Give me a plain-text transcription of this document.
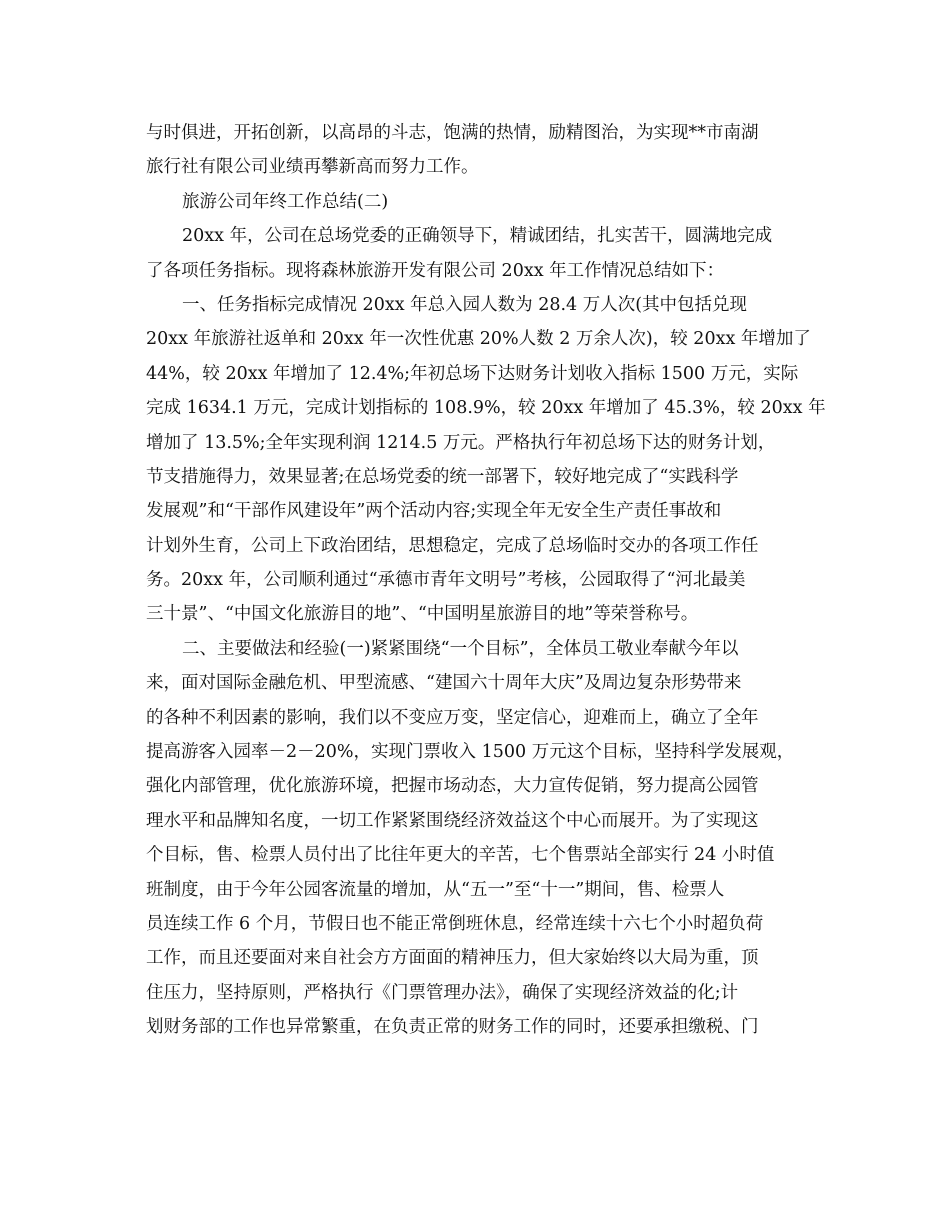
与时俱进，开拓创新，以高昂的斗志，饱满的热情，励精图治，为实现**市南湖
旅行社有限公司业绩再攀新高而努力工作。
旅游公司年终工作总结(二)
20xx 年，公司在总场党委的正确领导下，精诚团结，扎实苦干，圆满地完成
了各项任务指标。现将森林旅游开发有限公司 20xx 年工作情况总结如下：
一、任务指标完成情况 20xx 年总入园人数为 28.4 万人次(其中包括兑现
20xx 年旅游社返单和 20xx 年一次性优惠 20%人数 2 万余人次)，较 20xx 年增加了
44%，较 20xx 年增加了 12.4%;年初总场下达财务计划收入指标 1500 万元，实际
完成 1634.1 万元，完成计划指标的 108.9%，较 20xx 年增加了 45.3%，较 20xx 年
增加了 13.5%;全年实现利润 1214.5 万元。严格执行年初总场下达的财务计划，
节支措施得力，效果显著;在总场党委的统一部署下，较好地完成了“实践科学
发展观”和“干部作风建设年”两个活动内容;实现全年无安全生产责任事故和
计划外生育，公司上下政治团结，思想稳定，完成了总场临时交办的各项工作任
务。20xx 年，公司顺利通过“承德市青年文明号”考核，公园取得了“河北最美
三十景”、“中国文化旅游目的地”、“中国明星旅游目的地”等荣誉称号。
二、主要做法和经验(一)紧紧围绕“一个目标”，全体员工敬业奉献今年以
来，面对国际金融危机、甲型流感、“建国六十周年大庆”及周边复杂形势带来
的各种不利因素的影响，我们以不变应万变，坚定信心，迎难而上，确立了全年
提高游客入园率－2－20%，实现门票收入 1500 万元这个目标，坚持科学发展观，
强化内部管理，优化旅游环境，把握市场动态，大力宣传促销，努力提高公园管
理水平和品牌知名度，一切工作紧紧围绕经济效益这个中心而展开。为了实现这
个目标，售、检票人员付出了比往年更大的辛苦，七个售票站全部实行 24 小时值
班制度，由于今年公园客流量的增加，从“五一”至“十一”期间，售、检票人
员连续工作 6 个月，节假日也不能正常倒班休息，经常连续十六七个小时超负荷
工作，而且还要面对来自社会方方面面的精神压力，但大家始终以大局为重，顶
住压力，坚持原则，严格执行《门票管理办法》，确保了实现经济效益的化;计
划财务部的工作也异常繁重，在负责正常的财务工作的同时，还要承担缴税、门
